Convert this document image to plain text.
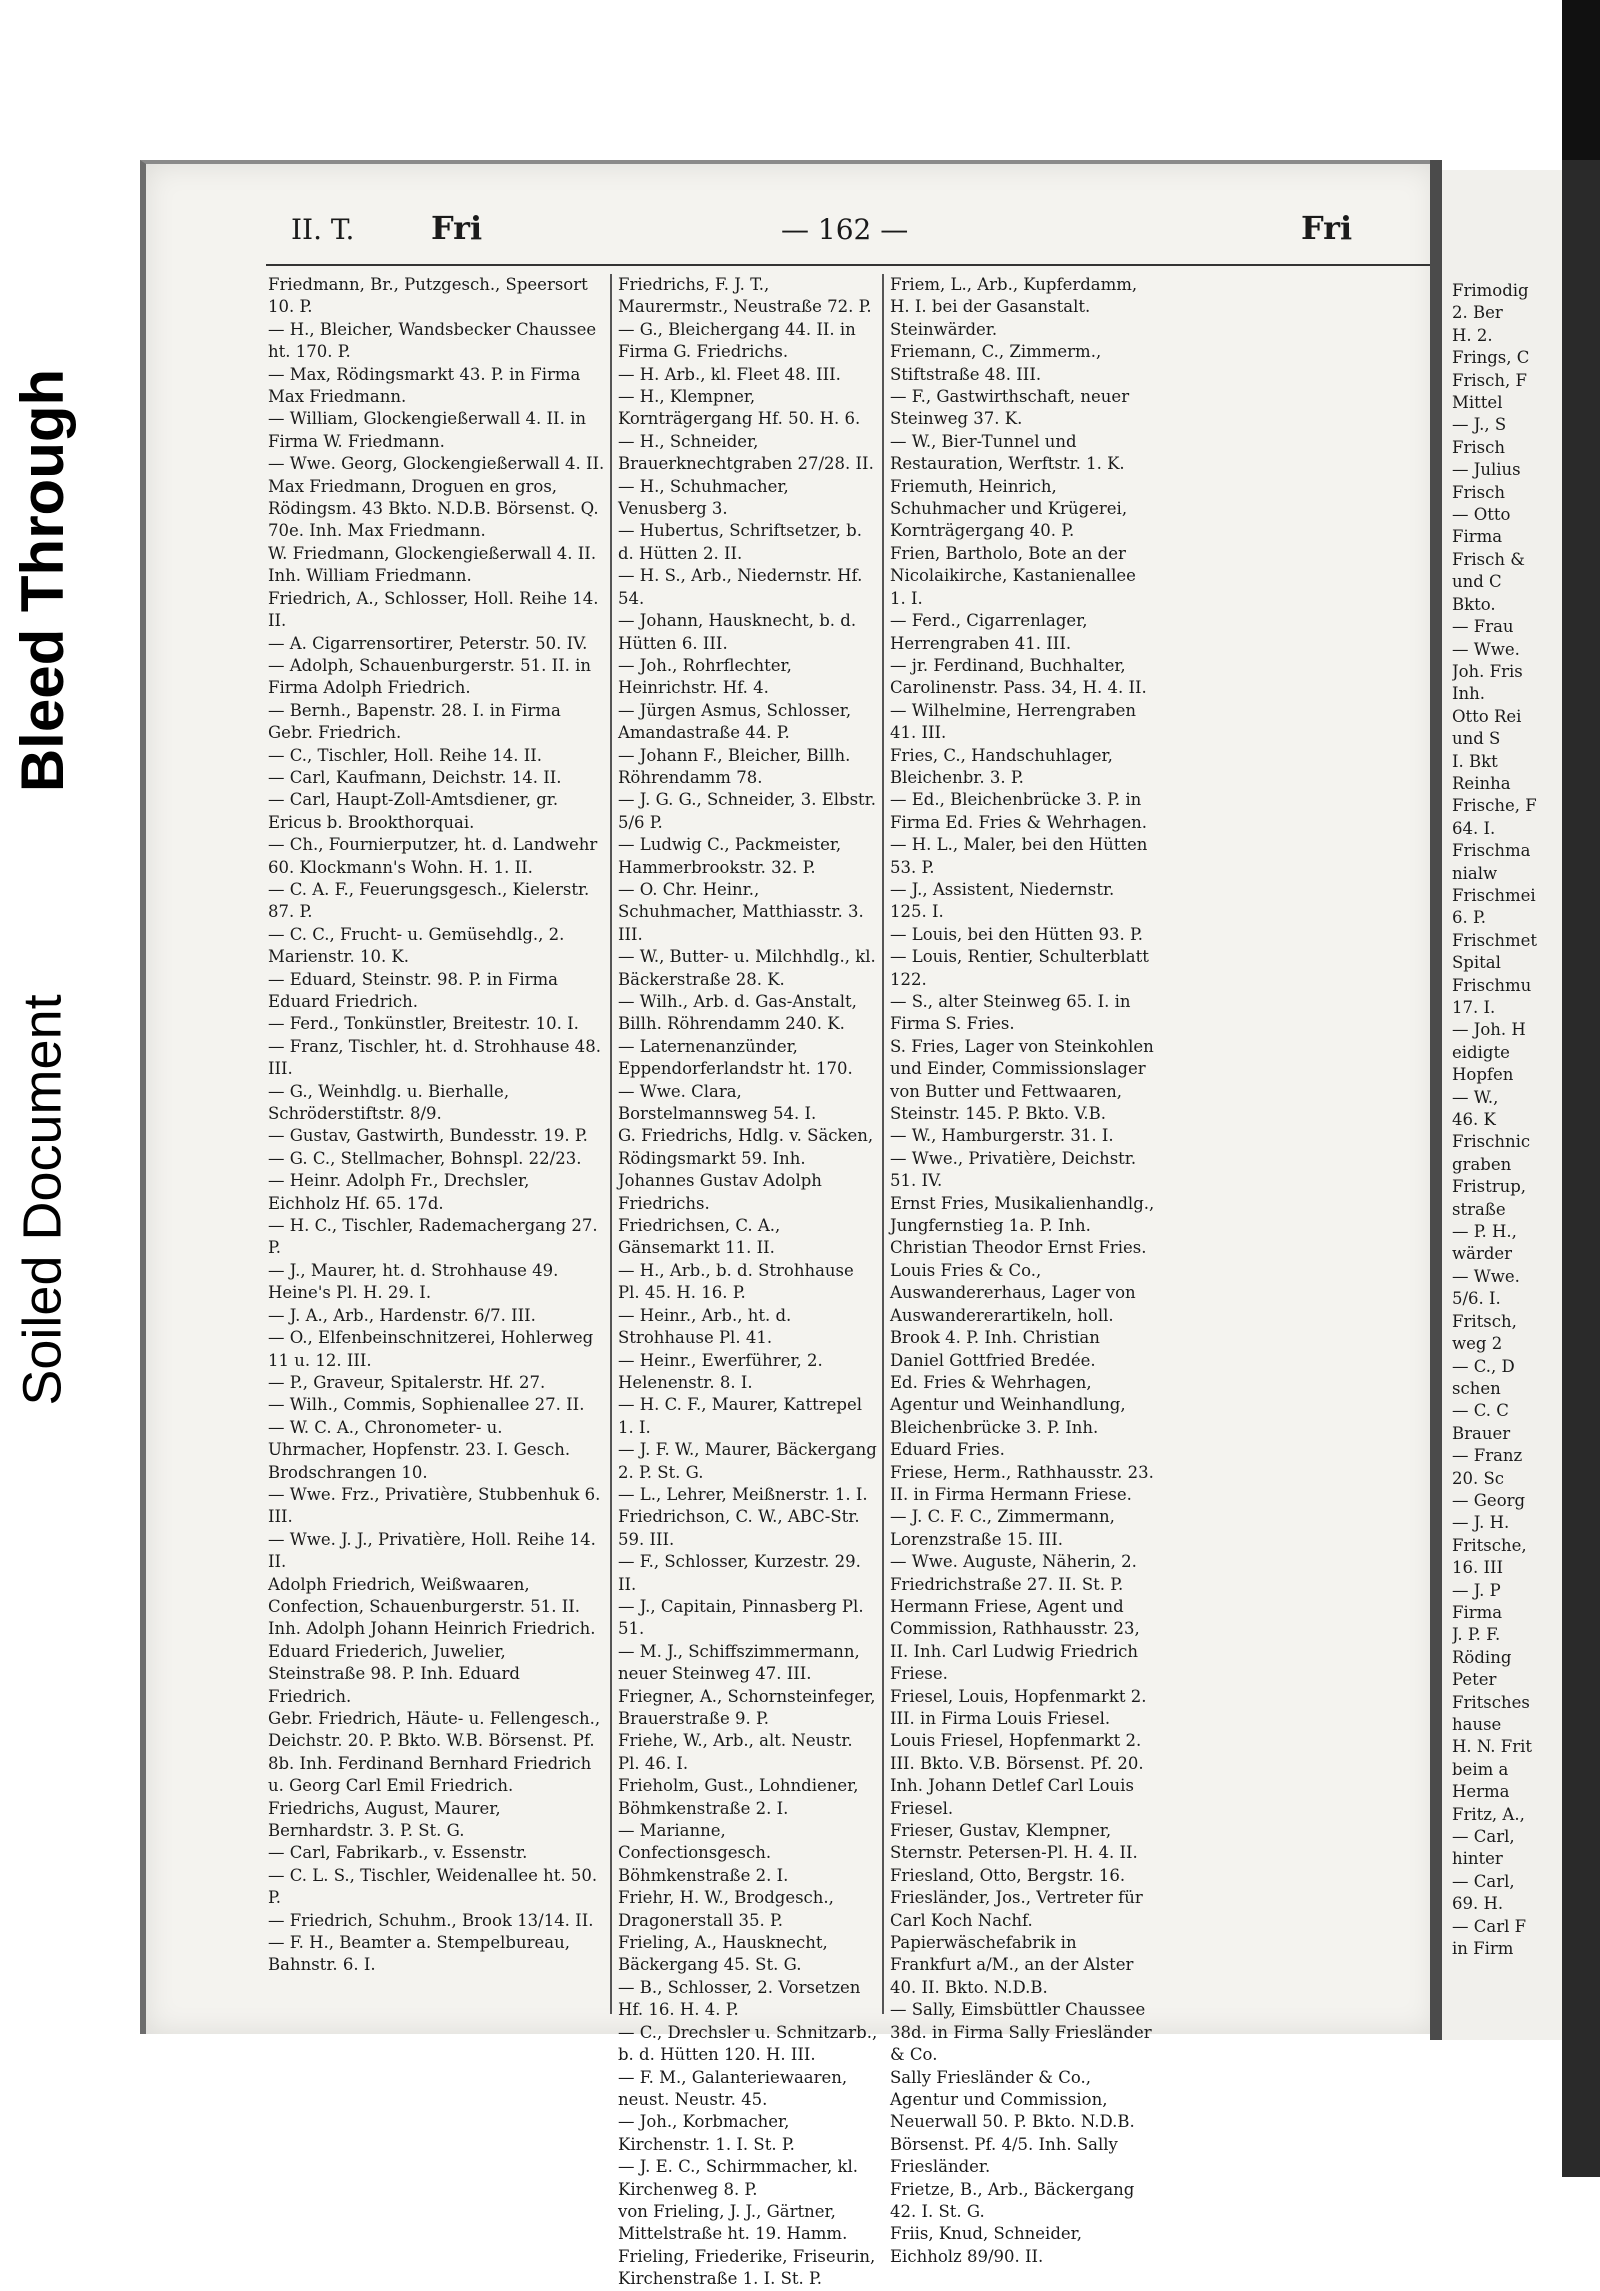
Bleed Through
Soiled Document
II. T. Fri	— 162 —	Fri

Friedmann, Br., Putzgesch., Speersort 10. P.

— H., Bleicher, Wandsbecker Chaussee ht. 170. P.

— Max, Rödingsmarkt 43. P. in Firma Max Friedmann.

— William, Glockengießerwall 4. II. in Firma W. Friedmann.

— Wwe. Georg, Glockengießerwall 4. II.

Max Friedmann, Droguen en gros, Rödingsm. 43 Bkto. N.D.B. Börsenst. Q. 70e. Inh. Max Friedmann.

W. Friedmann, Glockengießerwall 4. II. Inh. William Friedmann.

Friedrich, A., Schlosser, Holl. Reihe 14. II.

— A. Cigarrensortirer, Peterstr. 50. IV.

— Adolph, Schauenburgerstr. 51. II. in Firma Adolph Friedrich.

— Bernh., Bapenstr. 28. I. in Firma Gebr. Friedrich.

— C., Tischler, Holl. Reihe 14. II.

— Carl, Kaufmann, Deichstr. 14. II.

— Carl, Haupt-Zoll-Amtsdiener, gr. Ericus b. Brookthorquai.

— Ch., Fournierputzer, ht. d. Landwehr 60. Klockmann's Wohn. H. 1. II.

— C. A. F., Feuerungsgesch., Kielerstr. 87. P.

— C. C., Frucht- u. Gemüsehdlg., 2. Marienstr. 10. K.

— Eduard, Steinstr. 98. P. in Firma Eduard Friedrich.

— Ferd., Tonkünstler, Breitestr. 10. I.

— Franz, Tischler, ht. d. Strohhause 48. III.

— G., Weinhdlg. u. Bierhalle, Schröderstiftstr. 8/9.

— Gustav, Gastwirth, Bundesstr. 19. P.

— G. C., Stellmacher, Bohnspl. 22/23.

— Heinr. Adolph Fr., Drechsler, Eichholz Hf. 65. 17d.

— H. C., Tischler, Rademachergang 27. P.

— J., Maurer, ht. d. Strohhause 49. Heine's Pl. H. 29. I.

— J. A., Arb., Hardenstr. 6/7. III.

— O., Elfenbeinschnitzerei, Hohlerweg 11 u. 12. III.

— P., Graveur, Spitalerstr. Hf. 27.

— Wilh., Commis, Sophienallee 27. II.

— W. C. A., Chronometer- u. Uhrmacher, Hopfenstr. 23. I. Gesch. Brodschrangen 10.

— Wwe. Frz., Privatière, Stubbenhuk 6. III.

— Wwe. J. J., Privatière, Holl. Reihe 14. II.

Adolph Friedrich, Weißwaaren, Confection, Schauenburgerstr. 51. II. Inh. Adolph Johann Heinrich Friedrich.

Eduard Friederich, Juwelier, Steinstraße 98. P. Inh. Eduard Friedrich.

Gebr. Friedrich, Häute- u. Fellengesch., Deichstr. 20. P. Bkto. W.B. Börsenst. Pf. 8b. Inh. Ferdinand Bernhard Friedrich u. Georg Carl Emil Friedrich.

Friedrichs, August, Maurer, Bernhardstr. 3. P. St. G.

— Carl, Fabrikarb., v. Essenstr.

— C. L. S., Tischler, Weidenallee ht. 50. P.

— Friedrich, Schuhm., Brook 13/14. II.

— F. H., Beamter a. Stempelbureau, Bahnstr. 6. I.

Friedrichs, F. J. T., Maurermstr., Neustraße 72. P.

— G., Bleichergang 44. II. in Firma G. Friedrichs.

— H. Arb., kl. Fleet 48. III.

— H., Klempner, Kornträgergang Hf. 50. H. 6.

— H., Schneider, Brauerknechtgraben 27/28. II.

— H., Schuhmacher, Venusberg 3.

— Hubertus, Schriftsetzer, b. d. Hütten 2. II.

— H. S., Arb., Niedernstr. Hf. 54.

— Johann, Hausknecht, b. d. Hütten 6. III.

— Joh., Rohrflechter, Heinrichstr. Hf. 4.

— Jürgen Asmus, Schlosser, Amandastraße 44. P.

— Johann F., Bleicher, Billh. Röhrendamm 78.

— J. G. G., Schneider, 3. Elbstr. 5/6 P.

— Ludwig C., Packmeister, Hammerbrookstr. 32. P.

— O. Chr. Heinr., Schuhmacher, Matthiasstr. 3. III.

— W., Butter- u. Milchhdlg., kl. Bäckerstraße 28. K.

— Wilh., Arb. d. Gas-Anstalt, Billh. Röhrendamm 240. K.

— Laternenanzünder, Eppendorferlandstr ht. 170.

— Wwe. Clara, Borstelmannsweg 54. I.

G. Friedrichs, Hdlg. v. Säcken, Rödingsmarkt 59. Inh. Johannes Gustav Adolph Friedrichs.

Friedrichsen, C. A., Gänsemarkt 11. II.

— H., Arb., b. d. Strohhause Pl. 45. H. 16. P.

— Heinr., Arb., ht. d. Strohhause Pl. 41.

— Heinr., Ewerführer, 2. Helenenstr. 8. I.

— H. C. F., Maurer, Kattrepel 1. I.

— J. F. W., Maurer, Bäckergang 2. P. St. G.

— L., Lehrer, Meißnerstr. 1. I.

Friedrichson, C. W., ABC-Str. 59. III.

— F., Schlosser, Kurzestr. 29. II.

— J., Capitain, Pinnasberg Pl. 51.

— M. J., Schiffszimmermann, neuer Steinweg 47. III.

Friegner, A., Schornsteinfeger, Brauerstraße 9. P.

Friehe, W., Arb., alt. Neustr. Pl. 46. I.

Frieholm, Gust., Lohndiener, Böhmkenstraße 2. I.

— Marianne, Confectionsgesch. Böhmkenstraße 2. I.

Friehr, H. W., Brodgesch., Dragonerstall 35. P.

Frieling, A., Hausknecht, Bäckergang 45. St. G.

— B., Schlosser, 2. Vorsetzen Hf. 16. H. 4. P.

— C., Drechsler u. Schnitzarb., b. d. Hütten 120. H. III.

— F. M., Galanteriewaaren, neust. Neustr. 45.

— Joh., Korbmacher, Kirchenstr. 1. I. St. P.

— J. E. C., Schirmmacher, kl. Kirchenweg 8. P.

von Frieling, J. J., Gärtner, Mittelstraße ht. 19. Hamm.

Frieling, Friederike, Friseurin, Kirchenstraße 1. I. St. P.

Friem, L., Arb., Kupferdamm, H. I. bei der Gasanstalt. Steinwärder.

Friemann, C., Zimmerm., Stiftstraße 48. III.

— F., Gastwirthschaft, neuer Steinweg 37. K.

— W., Bier-Tunnel und Restauration, Werftstr. 1. K.

Friemuth, Heinrich, Schuhmacher und Krügerei, Kornträgergang 40. P.

Frien, Bartholo, Bote an der Nicolaikirche, Kastanienallee 1. I.

— Ferd., Cigarrenlager, Herrengraben 41. III.

— jr. Ferdinand, Buchhalter, Carolinenstr. Pass. 34, H. 4. II.

— Wilhelmine, Herrengraben 41. III.

Fries, C., Handschuhlager, Bleichenbr. 3. P.

— Ed., Bleichenbrücke 3. P. in Firma Ed. Fries & Wehrhagen.

— H. L., Maler, bei den Hütten 53. P.

— J., Assistent, Niedernstr. 125. I.

— Louis, bei den Hütten 93. P.

— Louis, Rentier, Schulterblatt 122.

— S., alter Steinweg 65. I. in Firma S. Fries.

S. Fries, Lager von Steinkohlen und Einder, Commissionslager von Butter und Fettwaaren, Steinstr. 145. P. Bkto. V.B.

— W., Hamburgerstr. 31. I.

— Wwe., Privatière, Deichstr. 51. IV.

Ernst Fries, Musikalienhandlg., Jungfernstieg 1a. P. Inh. Christian Theodor Ernst Fries.

Louis Fries & Co., Auswandererhaus, Lager von Auswandererartikeln, holl. Brook 4. P. Inh. Christian Daniel Gottfried Bredée.

Ed. Fries & Wehrhagen, Agentur und Weinhandlung, Bleichenbrücke 3. P. Inh. Eduard Fries.

Friese, Herm., Rathhausstr. 23. II. in Firma Hermann Friese.

— J. C. F. C., Zimmermann, Lorenzstraße 15. III.

— Wwe. Auguste, Näherin, 2. Friedrichstraße 27. II. St. P.

Hermann Friese, Agent und Commission, Rathhausstr. 23, II. Inh. Carl Ludwig Friedrich Friese.

Friesel, Louis, Hopfenmarkt 2. III. in Firma Louis Friesel.

Louis Friesel, Hopfenmarkt 2. III. Bkto. V.B. Börsenst. Pf. 20. Inh. Johann Detlef Carl Louis Friesel.

Frieser, Gustav, Klempner, Sternstr. Petersen-Pl. H. 4. II.

Friesland, Otto, Bergstr. 16.

Friesländer, Jos., Vertreter für Carl Koch Nachf. Papierwäschefabrik in Frankfurt a/M., an der Alster 40. II. Bkto. N.D.B.

— Sally, Eimsbüttler Chaussee 38d. in Firma Sally Friesländer & Co.

Sally Friesländer & Co., Agentur und Commission, Neuerwall 50. P. Bkto. N.D.B. Börsenst. Pf. 4/5. Inh. Sally Friesländer.

Frietze, B., Arb., Bäckergang 42. I. St. G.

Friis, Knud, Schneider, Eichholz 89/90. II.

Frimodig

2. Ber

H. 2.

Frings, C

Frisch, F

Mittel

— J., S

Frisch

— Julius

Frisch

— Otto

Firma

Frisch &

und C

Bkto.

— Frau

— Wwe.

Joh. Fris

Inh.

Otto Rei

und S

I. Bkt

Reinha

Frische, F

64. I.

Frischma

nialw

Frischmei

6. P.

Frischmet

Spital

Frischmu

17. I.

— Joh. H

eidigte

Hopfen

— W.,

46. K

Frischnic

graben

Fristrup,

straße

— P. H.,

wärder

— Wwe.

5/6. I.

Fritsch,

weg 2

— C., D

schen

— C. C

Brauer

— Franz

20. Sc

— Georg

— J. H.

Fritsche,

16. III

— J. P

Firma

J. P. F.

Röding

Peter

Fritsches

hause

H. N. Frit

beim a

Herma

Fritz, A.,

— Carl,

hinter

— Carl,

69. H.

— Carl F

in Firm
